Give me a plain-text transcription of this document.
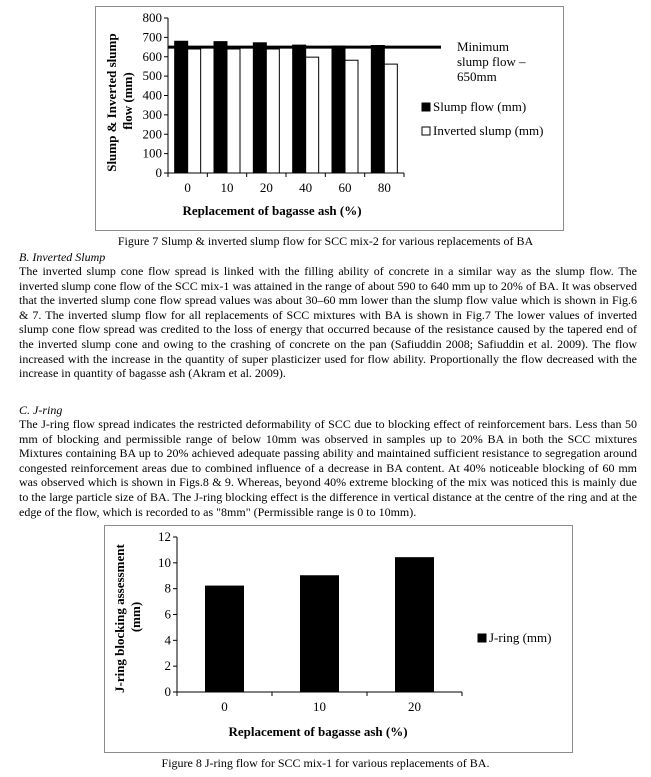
0
100
200
300
400
500
600
700
800
0 10 20 40 60 80
Minimum
slump flow –
650mm
Slump flow (mm)
Inverted slump (mm)
Replacement of bagasse ash (%)
Slump & Inverted slump flow (mm)
Figure 7 Slump & inverted slump flow for SCC mix-2 for various replacements of BA
B. Inverted Slump

The inverted slump cone flow spread is linked with the filling ability of concrete in a similar way as the slump flow. The inverted slump cone flow of the SCC mix-1 was attained in the range of about 590 to 640 mm up to 20% of BA. It was observed that the inverted slump cone flow spread values was about 30–60 mm lower than the slump flow value which is shown in Fig.6 & 7. The inverted slump flow for all replacements of SCC mixtures with BA is shown in Fig.7 The lower values of inverted slump cone flow spread was credited to the loss of energy that occurred because of the resistance caused by the tapered end of the inverted slump cone and owing to the crashing of concrete on the pan (Safiuddin 2008; Safiuddin et al. 2009). The flow increased with the increase in the quantity of super plasticizer used for flow ability. Proportionally the flow decreased with the increase in quantity of bagasse ash (Akram et al. 2009).

C. J-ring

The J-ring flow spread indicates the restricted deformability of SCC due to blocking effect of reinforcement bars. Less than 50 mm of blocking and permissible range of below 10mm was observed in samples up to 20% BA in both the SCC mixtures Mixtures containing BA up to 20% achieved adequate passing ability and maintained sufficient resistance to segregation around congested reinforcement areas due to combined influence of a decrease in BA content. At 40% noticeable blocking of 60 mm was observed which is shown in Figs.8 & 9. Whereas, beyond 40% extreme blocking of the mix was noticed this is mainly due to the large particle size of BA. The J-ring blocking effect is the difference in vertical distance at the centre of the ring and at the edge of the flow, which is recorded to as "8mm" (Permissible range is 0 to 10mm).

0
2
4
6
8
10
12
0	10	20
J-ring (mm)
Replacement of bagasse ash (%)
J-ring blocking assessment (mm)
Figure 8 J-ring flow for SCC mix-1 for various replacements of BA.
